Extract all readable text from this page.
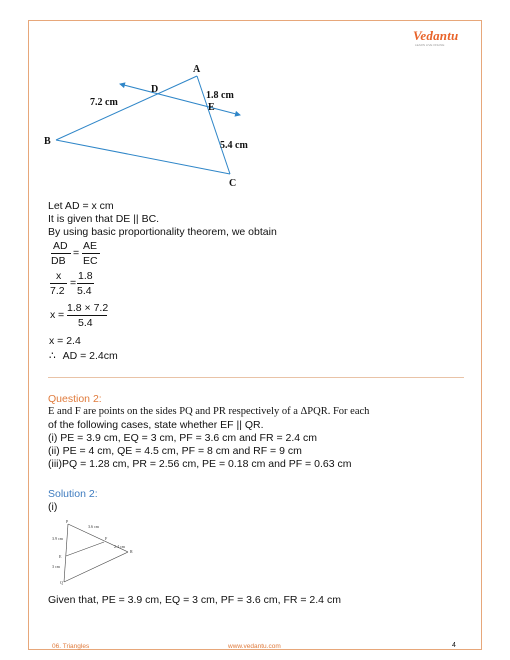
Vedantu
LEARN LIVE ONLINE
A
D
E
B
C
7.2 cm
1.8 cm
5.4 cm
Let AD = x cm
It is given that DE || BC.
By using basic proportionality theorem, we obtain
AD
DB
=
AE
EC
x
7.2
=
1.8
5.4
x =
1.8 × 7.2
5.4
x = 2.4
∴ AD = 2.4cm
Question 2:
E and F are points on the sides PQ and PR respectively of a ΔPQR. For each
of the following cases, state whether EF || QR.
(i) PE = 3.9 cm, EQ = 3 cm, PF = 3.6 cm and FR = 2.4 cm
(ii) PE = 4 cm, QE = 4.5 cm, PF = 8 cm and RF = 9 cm
(iii)PQ = 1.28 cm, PR = 2.56 cm, PE = 0.18 cm and PF = 0.63 cm
Solution 2:
(i)
P
3.9 cm
3.6 cm
F
2.4 cm
E
3 cm
R
Q
Given that, PE = 3.9 cm, EQ = 3 cm, PF = 3.6 cm, FR = 2.4 cm
06. Triangles	www.vedantu.com	4
